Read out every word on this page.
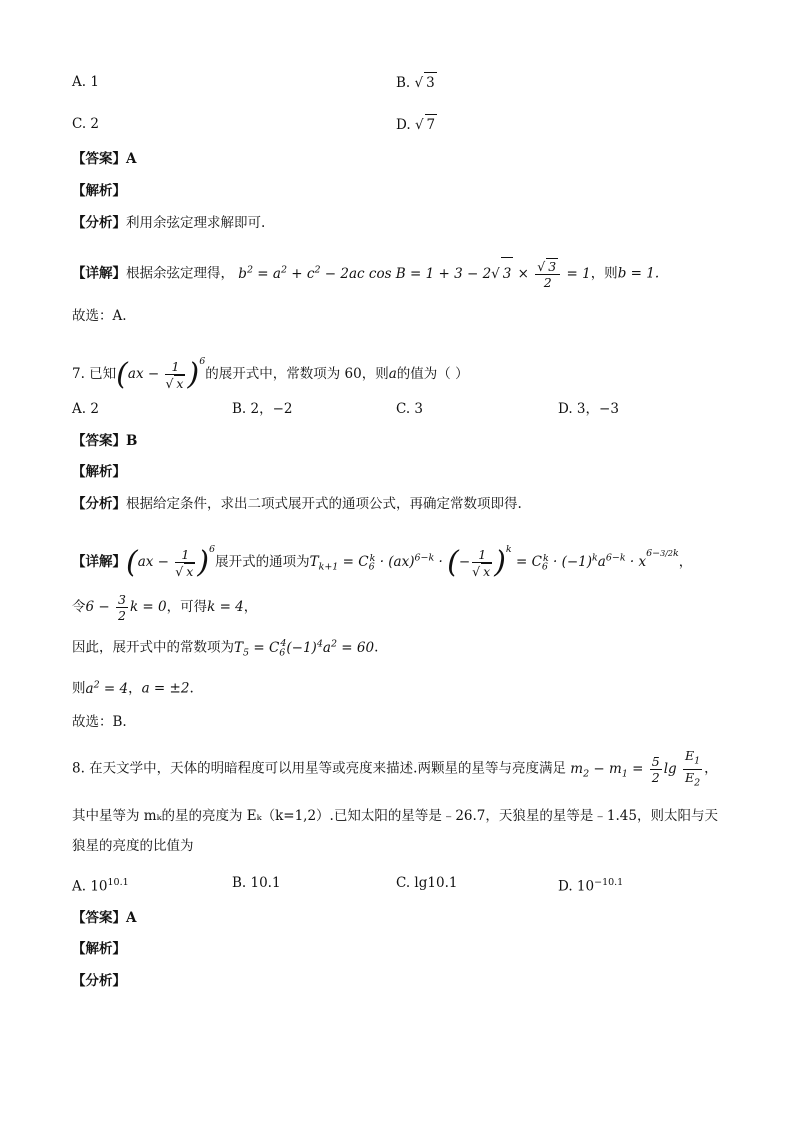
A. 1	B. √ 3
C. 2	D. √ 7
【答案】A
【解析】
【分析】利用余弦定理求解即可.
【详解】根据余弦定理得， $b^2 = a^2 + c^2 - 2ac$ cos B = 1 + 3 − 2√ $3 \times \frac{√ 3}{2} = 1$，则b = 1.
故选：A.
7. 已知$(ax - \frac{1}{√ x} )^6$的展开式中，常数项为 60，则a的值为（ ）
A. 2	B. 2，−2	C. 3	D. 3，−3
【答案】B
【解析】
【分析】根据给定条件，求出二项式展开式的通项公式，再确定常数项即得.
【详解】$(ax - \frac{1}{√ x} )^6$展开式的通项为$T_{k+1} = C_6^k \cdot (ax)^{6-k}$ · (− $\frac{1}{√ x} )^k = C_6^k \cdot (-1)^ka^{6-k} \cdot x^{6-3/2k}$，
令$6 - \frac{3}{2}$ k = 0，可得k = 4，
因此，展开式中的常数项为$T_5 = C_6^4(-1)^4a^2 = 60$.
则$a^2 = 4$，a = ±2.
故选：B.
8. 在天文学中，天体的明暗程度可以用星等或亮度来描述.两颗星的星等与亮度满足 $m_2 - m_1 = \frac{5}{2}$ $\lg \frac{E_1}{E_2}$ ，
其中星等为 mₖ的星的亮度为 Eₖ（k=1,2）.已知太阳的星等是﹣26.7，天狼星的星等是﹣1.45，则太阳与天
狼星的亮度的比值为
A. $10^{10.1}$	B. 10.1	C. lg10.1	D. $10^{-10.1}$
【答案】A
【解析】
【分析】
